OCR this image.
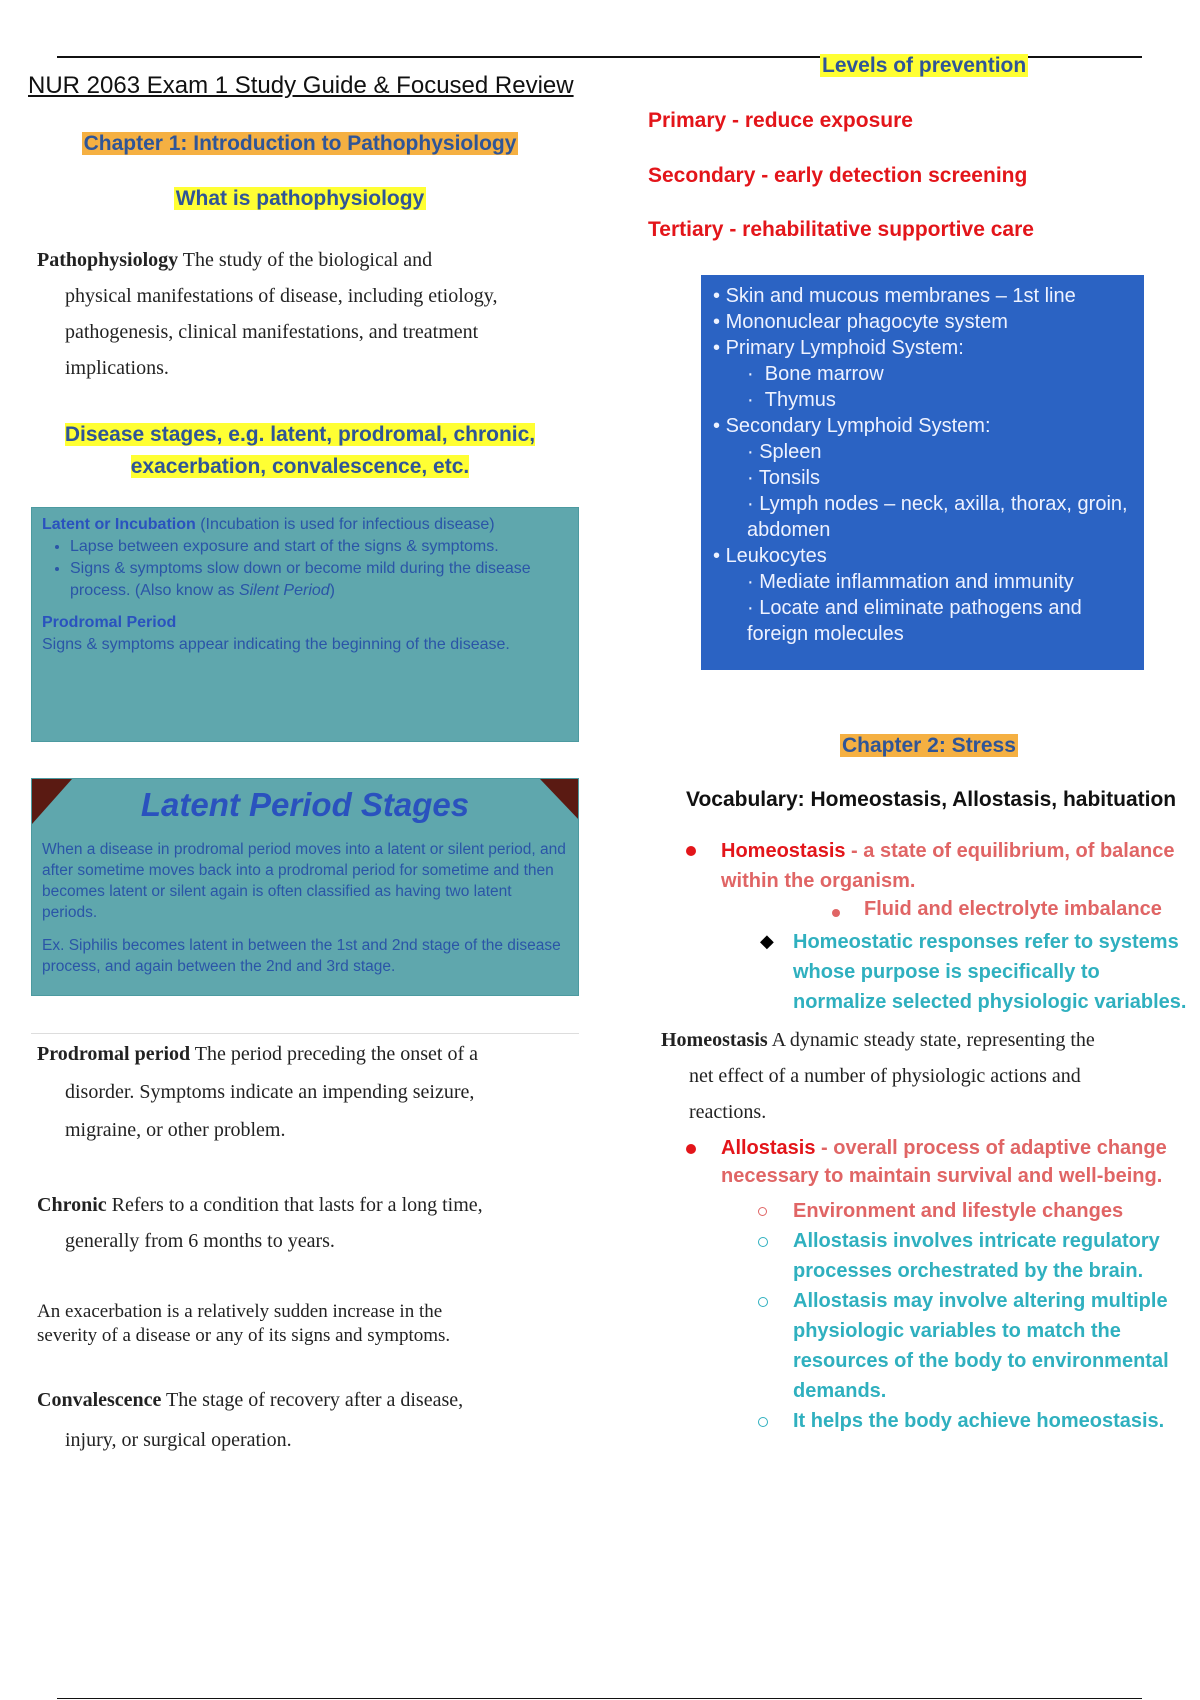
NUR 2063 Exam 1 Study Guide & Focused Review
Chapter 1: Introduction to Pathophysiology
What is pathophysiology
Pathophysiology The study of the biological and
physical manifestations of disease, including etiology,
pathogenesis, clinical manifestations, and treatment
implications.
Disease stages, e.g. latent, prodromal, chronic,
exacerbation, convalescence, etc.
Latent or Incubation (Incubation is used for infectious disease)
• Lapse between exposure and start of the signs & symptoms.
• Signs & symptoms slow down or become mild during the disease process. (Also know as Silent Period)
Prodromal Period
Signs & symptoms appear indicating the beginning of the disease.
Latent Period Stages
When a disease in prodromal period moves into a latent or silent period, and after sometime moves back into a prodromal period for sometime and then becomes latent or silent again is often classified as having two latent periods.
Ex. Siphilis becomes latent in between the 1st and 2nd stage of the disease process, and again between the 2nd and 3rd stage.
Prodromal period The period preceding the onset of a
disorder. Symptoms indicate an impending seizure,
migraine, or other problem.
Chronic Refers to a condition that lasts for a long time,
generally from 6 months to years.
An exacerbation is a relatively sudden increase in the
severity of a disease or any of its signs and symptoms.
Convalescence The stage of recovery after a disease,
injury, or surgical operation.
Levels of prevention
Primary - reduce exposure
Secondary - early detection screening
Tertiary - rehabilitative supportive care
• Skin and mucous membranes – 1st line
• Mononuclear phagocyte system
• Primary Lymphoid System:
·  Bone marrow
·  Thymus
• Secondary Lymphoid System:
· Spleen
· Tonsils
· Lymph nodes – neck, axilla, thorax, groin, abdomen
• Leukocytes
· Mediate inflammation and immunity
· Locate and eliminate pathogens and foreign molecules
Chapter 2: Stress
Vocabulary: Homeostasis, Allostasis, habituation
Homeostasis - a state of equilibrium, of balance within the organism.
Fluid and electrolyte imbalance
◆ Homeostatic responses refer to systems whose purpose is specifically to normalize selected physiologic variables.
Homeostasis A dynamic steady state, representing the
net effect of a number of physiologic actions and
reactions.
Allostasis - overall process of adaptive change necessary to maintain survival and well-being.
Environment and lifestyle changes
Allostasis involves intricate regulatory processes orchestrated by the brain.
Allostasis may involve altering multiple physiologic variables to match the resources of the body to environmental demands.
It helps the body achieve homeostasis.
